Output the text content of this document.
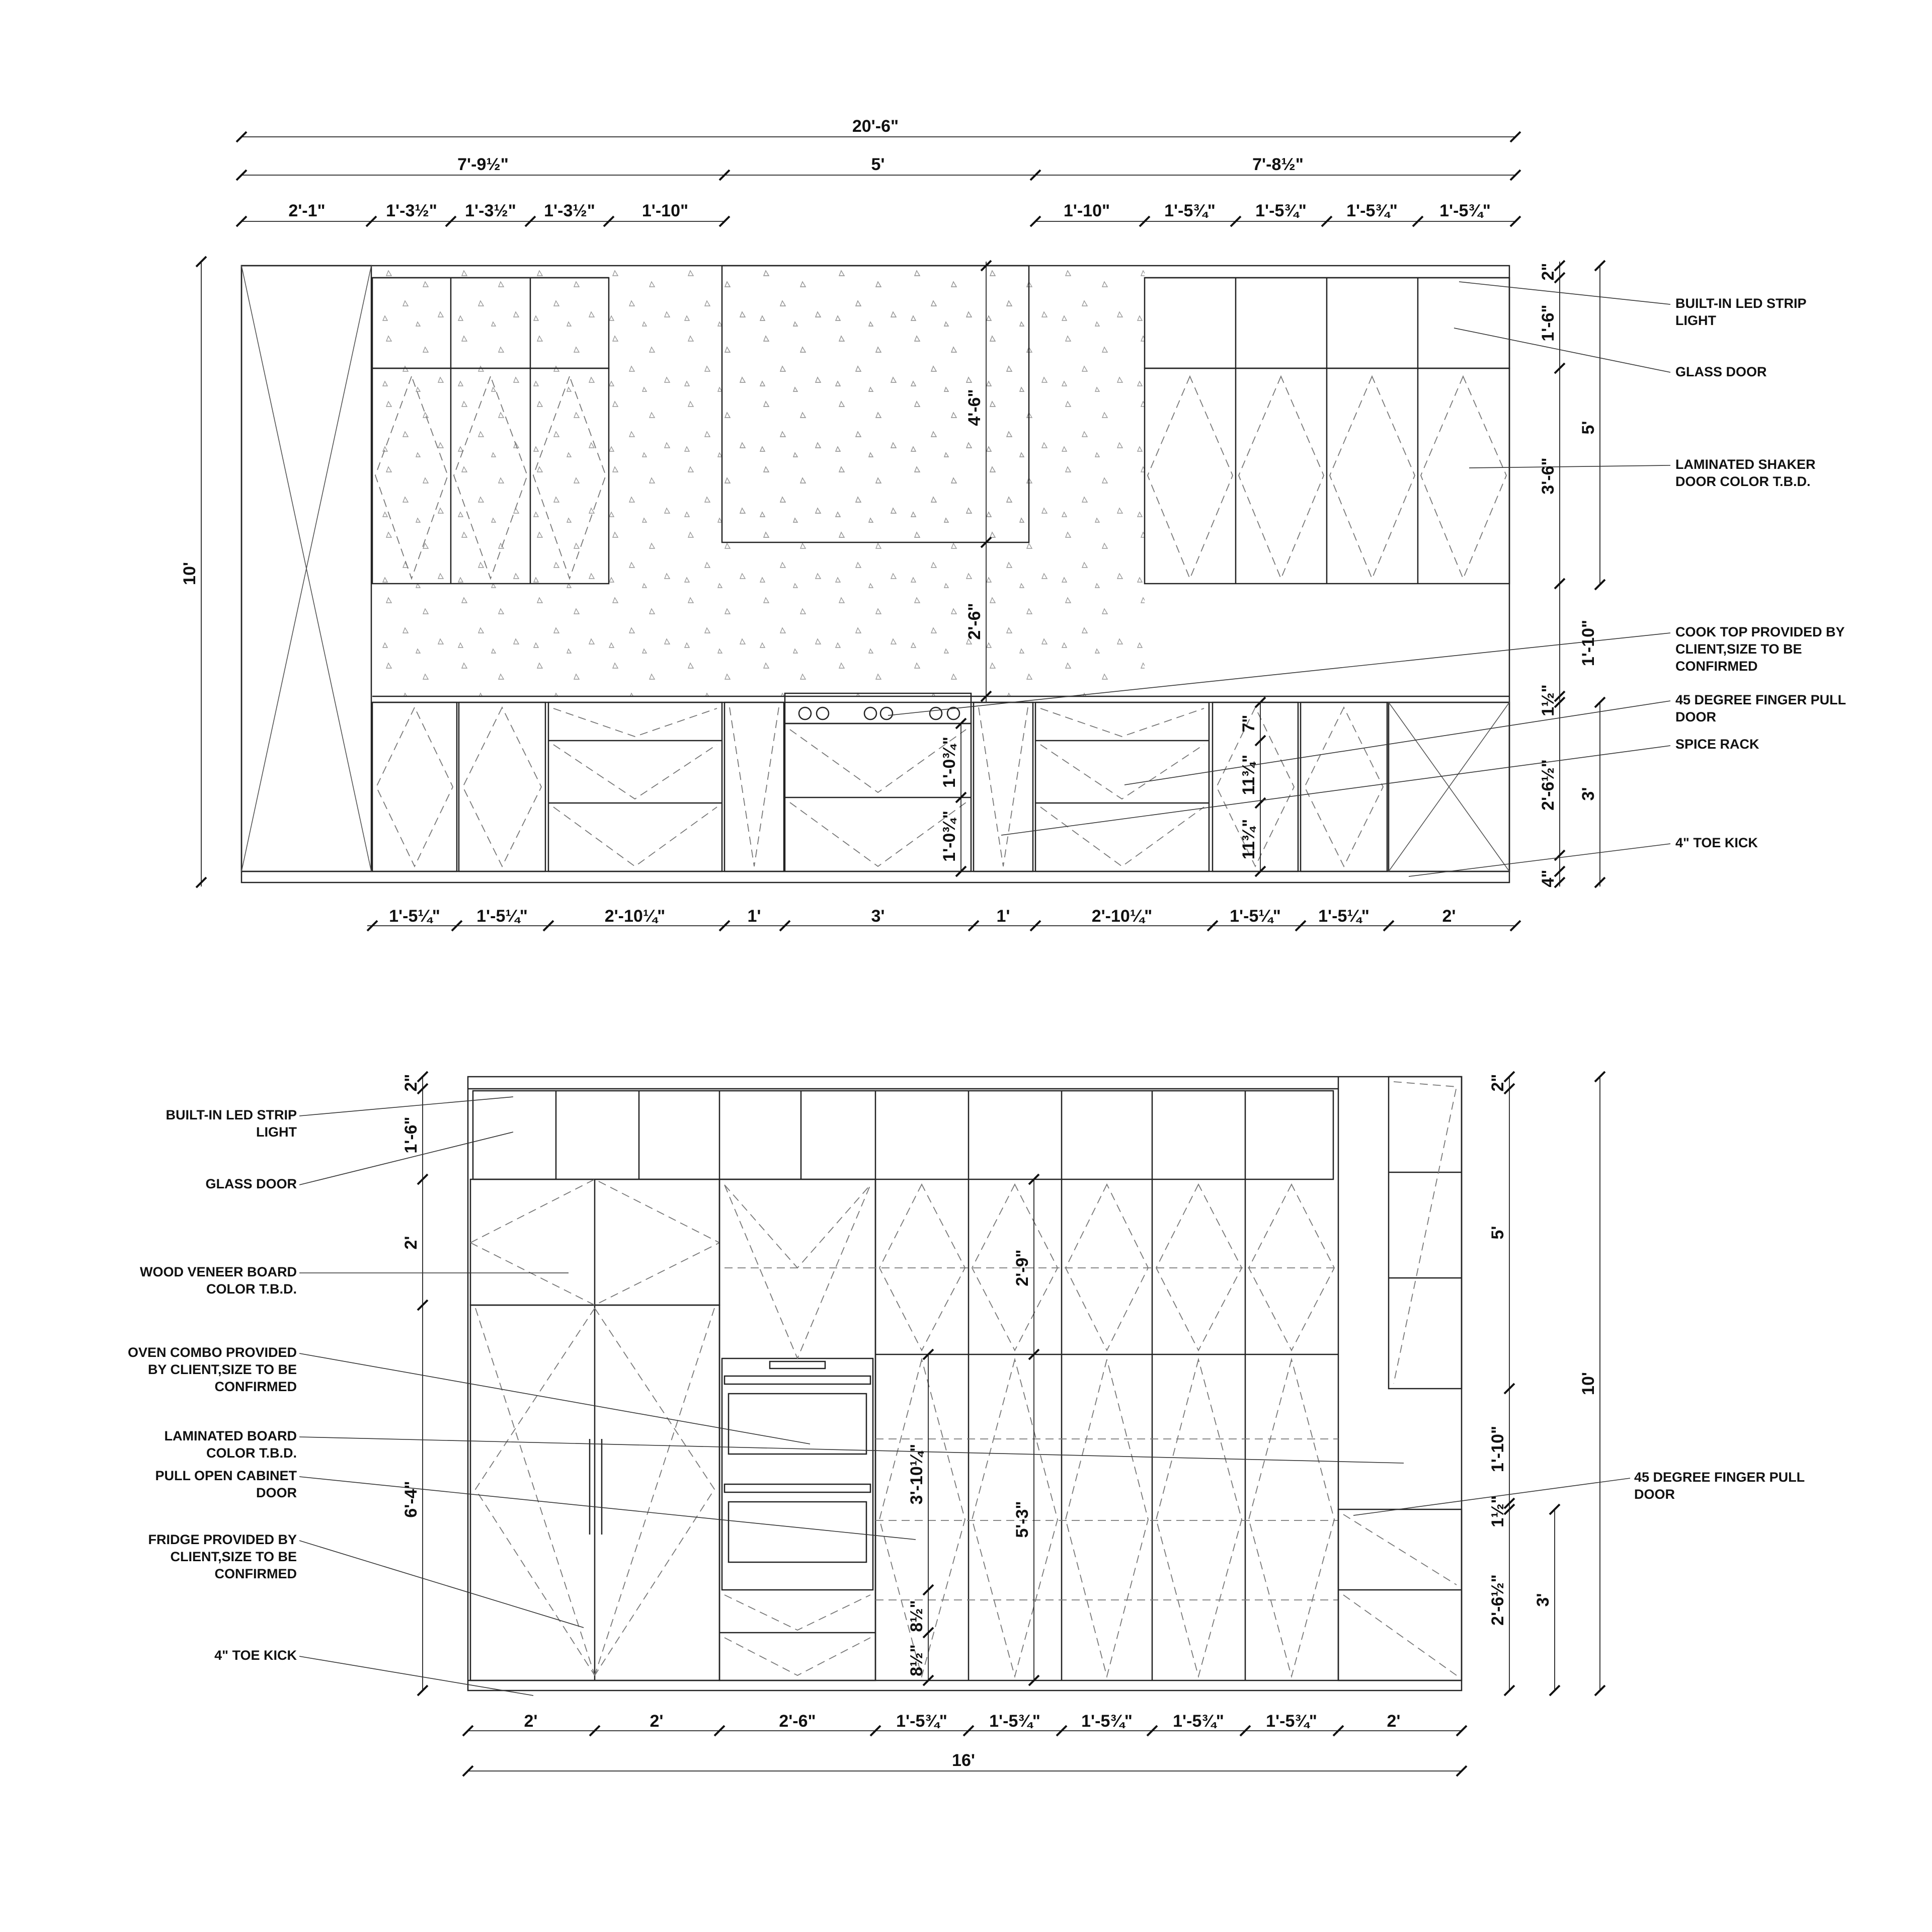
20'-6"
7'-9½"	5'	7'-8½"
2'-1"	1'-3½" 1'-3½" 1'-3½"	1'-10"	1'-10"	1'-5¾" 1'-5¾" 1'-5¾" 1'-5¾"
1'-5¼" 1'-5¼"	2'-10¼"	1'	3'	1'	2'-10¼"	1'-5¼" 1'-5¼"	2'
10'
4'-6"
2'-6"
1'-0¾"
1'-0¾"
7"
11¾"
11¾"
2"
1'-6"
5'
3'-6"
1'-10"
1½"
2'-6½" 3'
4"
2'	2'	2'-6"	1'-5¾" 1'-5¾" 1'-5¾" 1'-5¾" 1'-5¾"	2'
16'
2"
1'-6"
2'
6'-4"
2'-9"
5'-3"
3'-10¼"
8½"
8½"
2"
5'
10'
1'-10"
1½"
2'-6½" 3'
BUILT-IN LED STRIP LIGHT
GLASS DOOR
LAMINATED SHAKER DOOR COLOR T.B.D.
COOK TOP PROVIDED BY CLIENT,SIZE TO BE CONFIRMED
45 DEGREE FINGER PULL DOOR
SPICE RACK
4" TOE KICK
BUILT-IN LED STRIP LIGHT
GLASS DOOR
WOOD VENEER BOARD COLOR T.B.D.
OVEN COMBO PROVIDED BY CLIENT,SIZE TO BE CONFIRMED
LAMINATED BOARD COLOR T.B.D.
PULL OPEN CABINET DOOR
FRIDGE PROVIDED BY CLIENT,SIZE TO BE CONFIRMED
4" TOE KICK
45 DEGREE FINGER PULL DOOR
